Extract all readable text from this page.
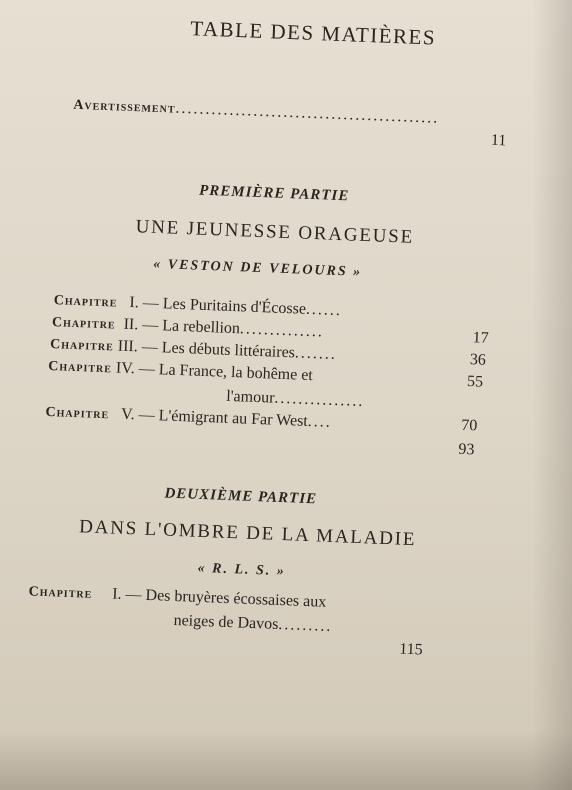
TABLE DES MATIÈRES
Avertissement............................................
11
PREMIÈRE PARTIE
UNE JEUNESSE ORAGEUSE
« VESTON DE VELOURS »
Chapitre I. — Les Puritains d'Écosse......
17
Chapitre II. — La rebellion..............
36
Chapitre III. — Les débuts littéraires.......
55
Chapitre IV. — La France, la bohême et
l'amour...............
70
Chapitre V. — L'émigrant au Far West....
93
DEUXIÈME PARTIE
DANS L'OMBRE DE LA MALADIE
« R. L. S. »
Chapitre I. — Des bruyères écossaises aux
neiges de Davos.........
115
